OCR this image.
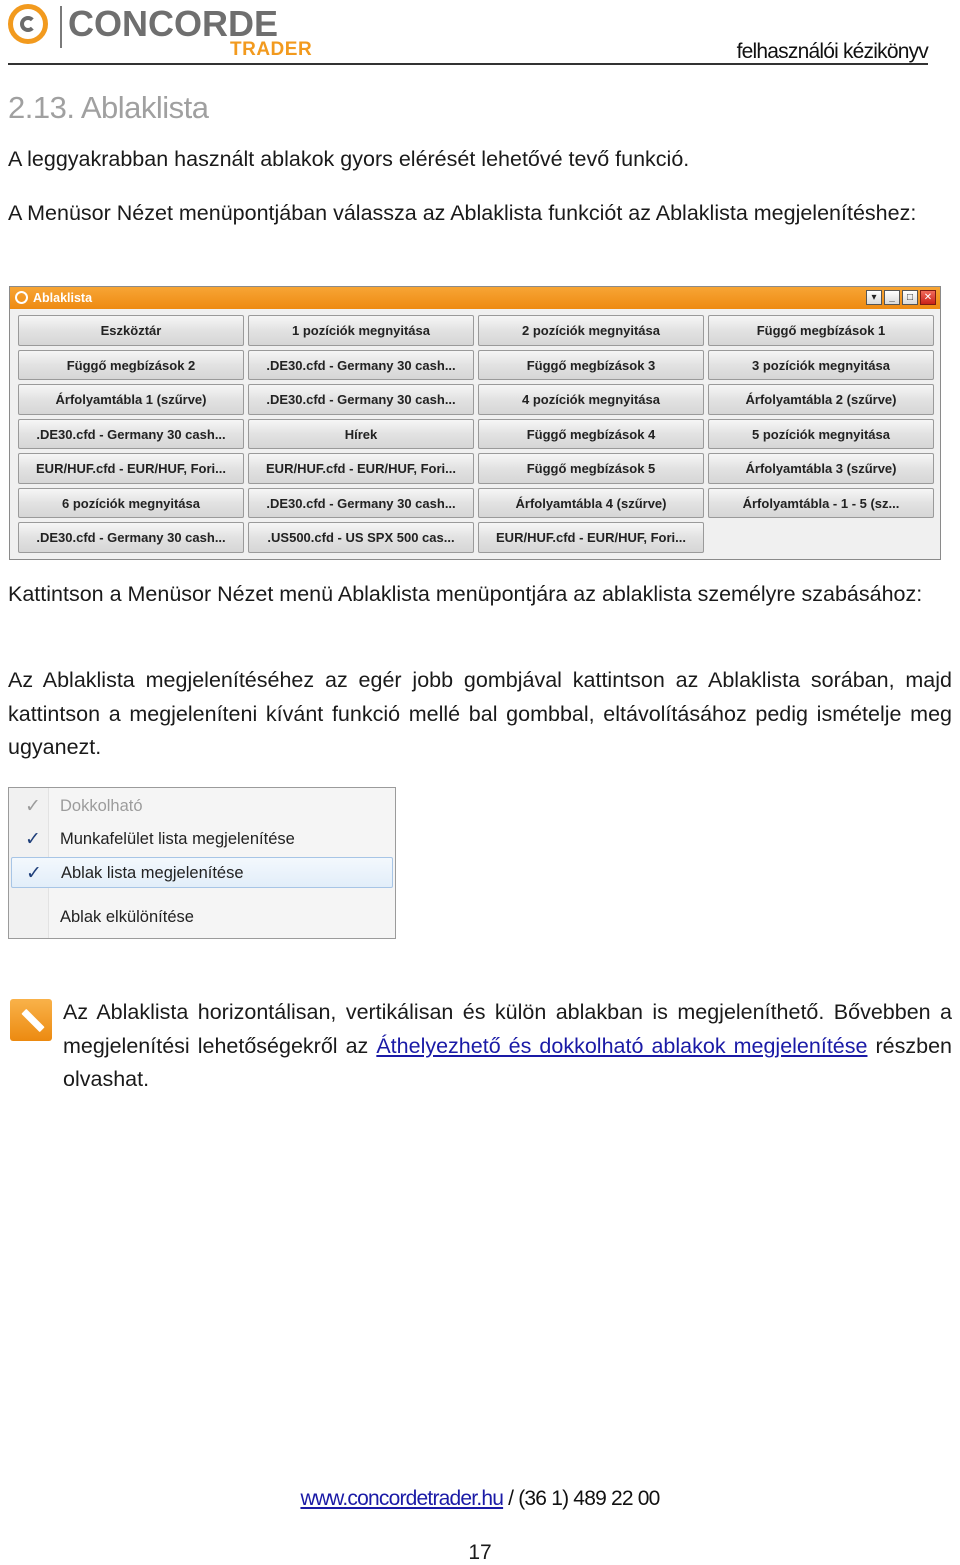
CONCORDE
TRADER	felhasználói kézikönyv
2.13. Ablaklista
A leggyakrabban használt ablakok gyors elérését lehetővé tevő funkció.
A Menüsor Nézet menüpontjában válassza az Ablaklista funkciót az Ablaklista megjelenítéshez:
Ablaklista	▾	_	□	✕
Eszköztár	1 pozíciók megnyitása	2 pozíciók megnyitása	Függő megbízások 1
Függő megbízások 2	.DE30.cfd - Germany 30 cash...	Függő megbízások 3	3 pozíciók megnyitása
Árfolyamtábla 1 (szűrve)	.DE30.cfd - Germany 30 cash...	4 pozíciók megnyitása	Árfolyamtábla 2 (szűrve)
.DE30.cfd - Germany 30 cash...	Hírek	Függő megbízások 4	5 pozíciók megnyitása
EUR/HUF.cfd - EUR/HUF, Fori...	EUR/HUF.cfd - EUR/HUF, Fori...	Függő megbízások 5	Árfolyamtábla 3 (szűrve)
6 pozíciók megnyitása	.DE30.cfd - Germany 30 cash...	Árfolyamtábla 4 (szűrve)	Árfolyamtábla - 1 - 5 (sz...
.DE30.cfd - Germany 30 cash...	.US500.cfd - US SPX 500 cas...	EUR/HUF.cfd - EUR/HUF, Fori...
Kattintson a Menüsor Nézet menü Ablaklista menüpontjára az ablaklista személyre szabásához:
Az Ablaklista megjelenítéséhez az egér jobb gombjával kattintson az Ablaklista sorában, majd kattintson a megjeleníteni kívánt funkció mellé bal gombbal, eltávolításához pedig ismételje meg ugyanezt.
✓ Dokkolható
✓ Munkafelület lista megjelenítése
✓ Ablak lista megjelenítése
Ablak elkülönítése
Az Ablaklista horizontálisan, vertikálisan és külön ablakban is megjeleníthető. Bővebben a megjelenítési lehetőségekről az Áthelyezhető és dokkolható ablakok megjelenítése részben olvashat.
www.concordetrader.hu / (36 1) 489 22 00
17
